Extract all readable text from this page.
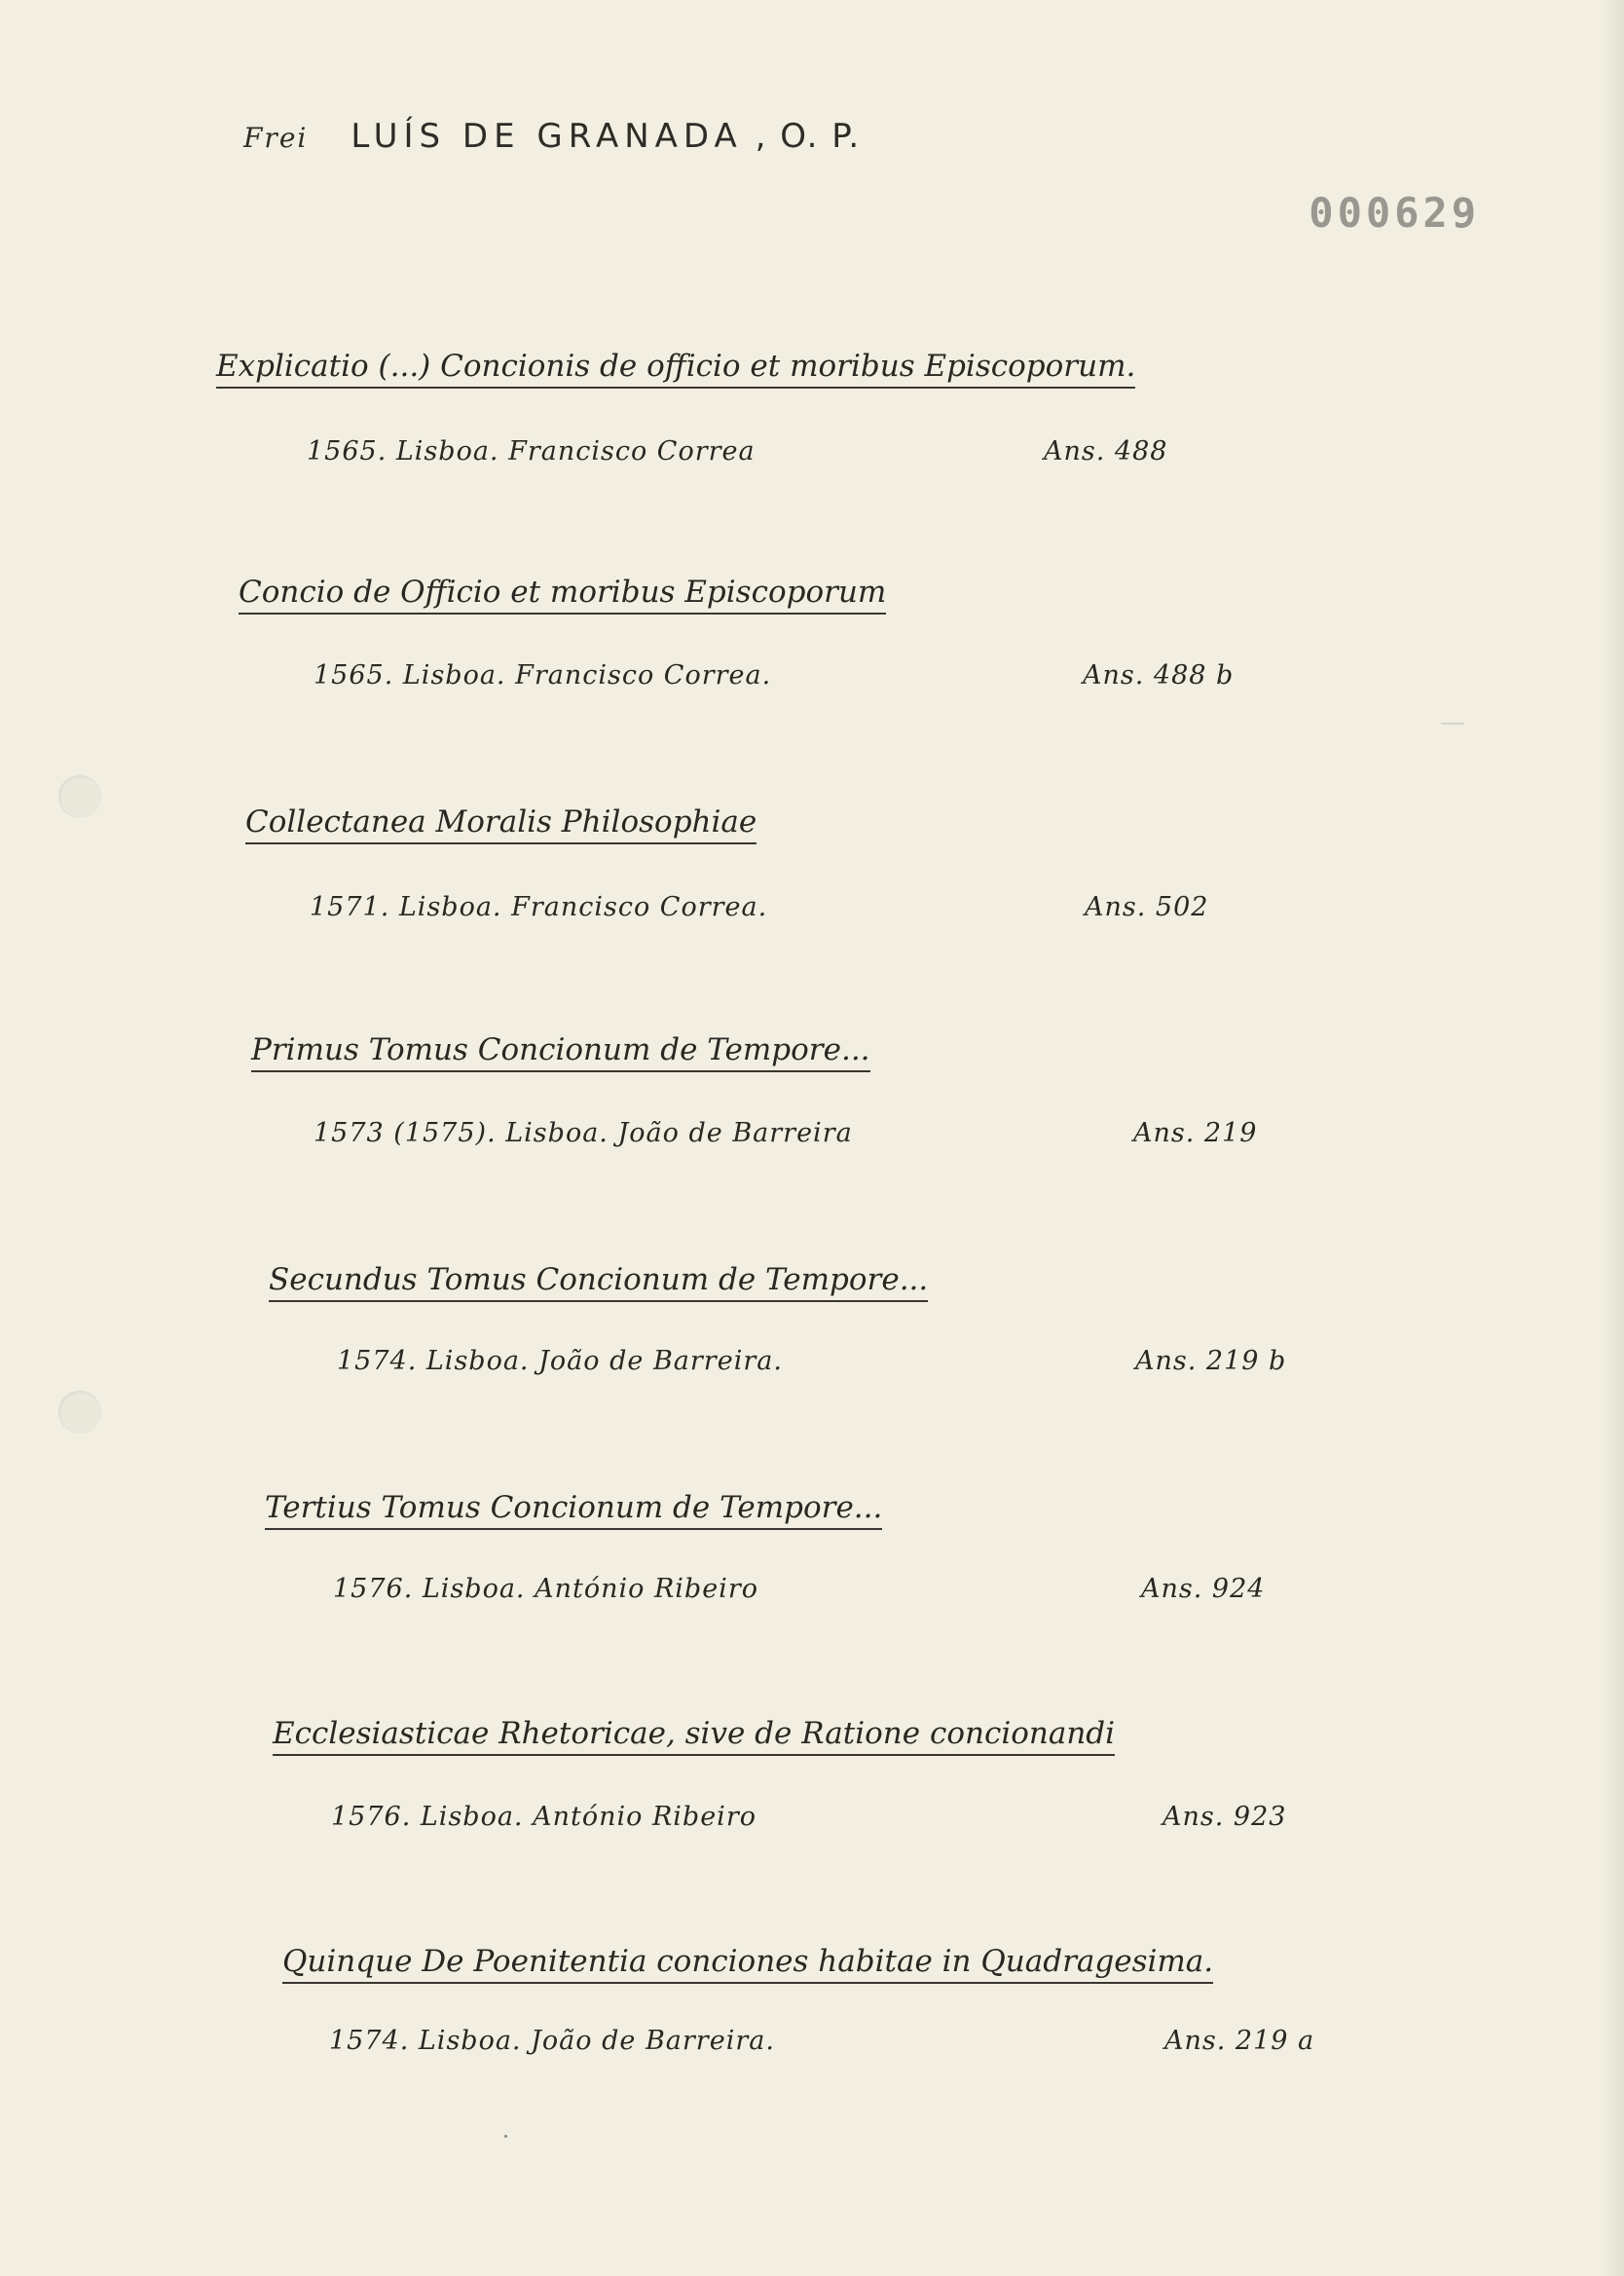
Frei LUÍS DE GRANADA , O. P.
000629
Explicatio (...) Concionis de officio et moribus Episcoporum.
1565. Lisboa. Francisco Correa	Ans. 488
Concio de Officio et moribus Episcoporum
1565. Lisboa. Francisco Correa.	Ans. 488 b
Collectanea Moralis Philosophiae
1571. Lisboa. Francisco Correa.	Ans. 502
Primus Tomus Concionum de Tempore...
1573 (1575). Lisboa. João de Barreira	Ans. 219
Secundus Tomus Concionum de Tempore...
1574. Lisboa. João de Barreira.	Ans. 219 b
Tertius Tomus Concionum de Tempore...
1576. Lisboa. António Ribeiro	Ans. 924
Ecclesiasticae Rhetoricae, sive de Ratione concionandi
1576. Lisboa. António Ribeiro	Ans. 923
Quinque De Poenitentia conciones habitae in Quadragesima.
1574. Lisboa. João de Barreira.	Ans. 219 a
